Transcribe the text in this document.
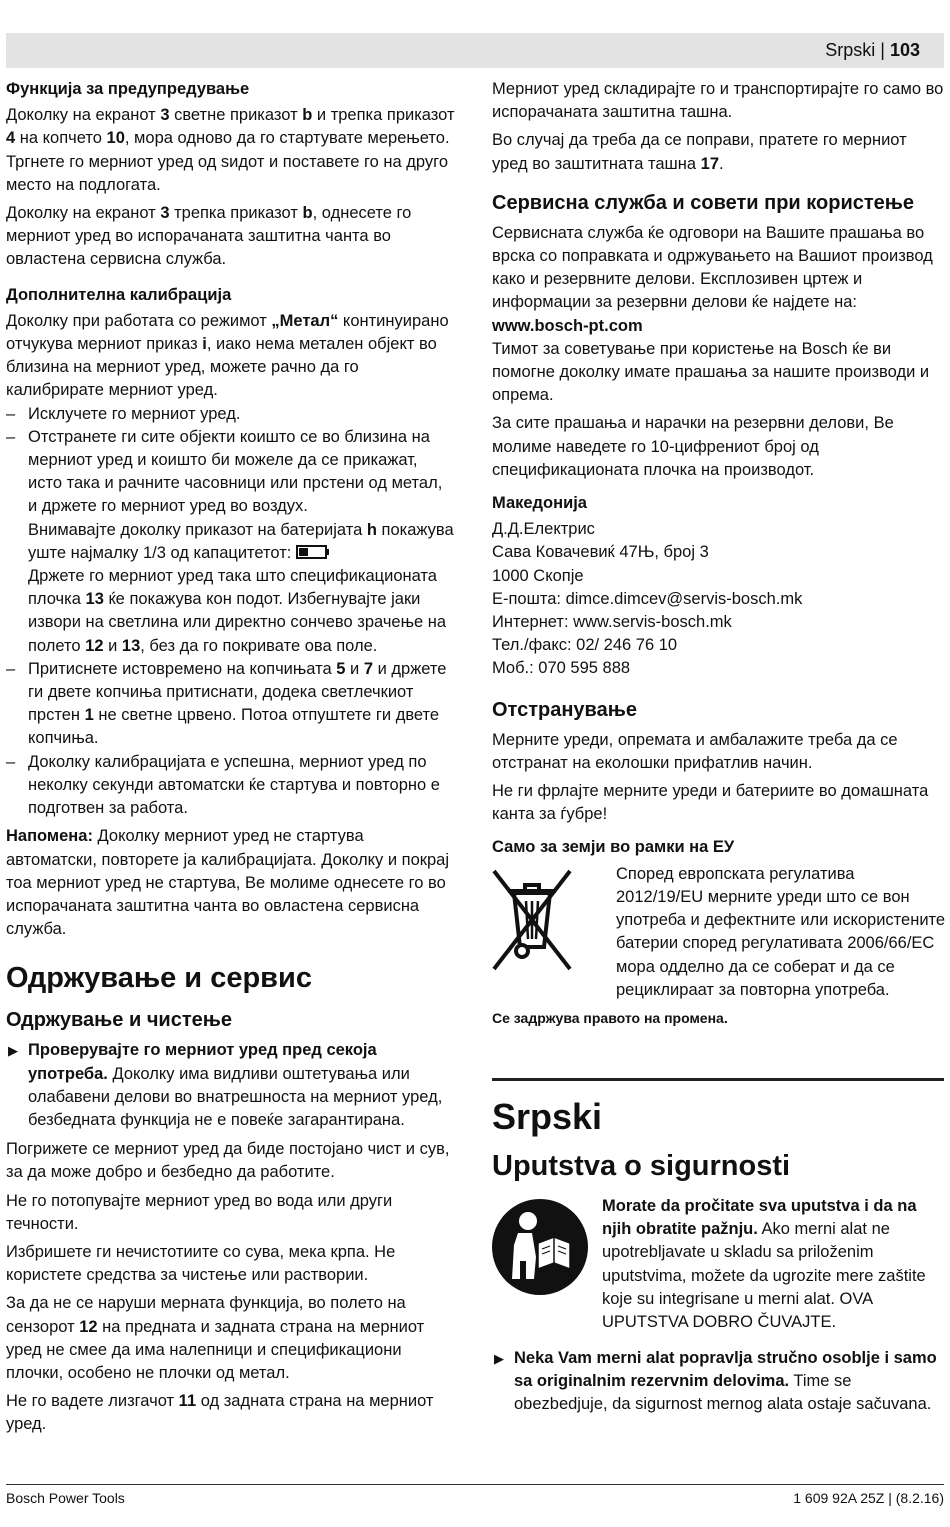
Srpski | 103
Функција за предупредување

Доколку на екранот 3 светне приказот b и трепка приказот 4 на копчето 10, мора одново да го стартувате мерењето. Тргнете го мерниот уред од ѕидот и поставете го на друго место на подлогата.

Доколку на екранот 3 трепка приказот b, однесете го мерниот уред во испорачаната заштитна чанта во овластена сервисна служба.

Дополнителна калибрација

Доколку при работата со режимот „Метал“ континуирано отчукува мерниот приказ i, иако нема метален објект во близина на мерниот уред, можете рачно да го калибрирате мерниот уред.

– Исклучете го мерниот уред.
– Отстранете ги сите објекти коишто се во близина на мерниот уред и коишто би можеле да се прикажат, исто така и рачните часовници или прстени од метал, и држете го мерниот уред во воздух.
Внимавајте доколку приказот на батеријата h покажува уште најмалку 1/3 од капацитетот:
Држете го мерниот уред така што спецификационата плочка 13 ќе покажува кон подот. Избегнувајте јаки извори на светлина или директно сончево зрачење на полето 12 и 13, без да го покривате ова поле.
– Притиснете истовремено на копчињата 5 и 7 и држете ги двете копчиња притиснати, додека светлечкиот прстен 1 не светне црвено. Потоа отпуштете ги двете копчиња.
– Доколку калибрацијата е успешна, мерниот уред по неколку секунди автоматски ќе стартува и повторно е подготвен за работа.

Напомена: Доколку мерниот уред не стартува автоматски, повторете ја калибрацијата. Доколку и покрај тоа мерниот уред не стартува, Ве молиме однесете го во испорачаната заштитна чанта во овластена сервисна служба.

Одржување и сервис
Одржување и чистење
▶ Проверувајте го мерниот уред пред секоја употреба. Доколку има видливи оштетувања или олабавени делови во внатрешноста на мерниот уред, безбедната функција не е повеќе загарантирана.

Погрижете се мерниот уред да биде постојано чист и сув, за да може добро и безбедно да работите.

Не го потопувајте мерниот уред во вода или други течности.

Избришете ги нечистотиите со сува, мека крпа. Не користете средства за чистење или раствории.

За да не се наруши мерната функција, во полето на сензорот 12 на предната и задната страна на мерниот уред не смее да има налепници и спецификациони плочки, особено не плочки од метал.

Не го вадете лизгачот 11 од задната страна на мерниот уред.

Мерниот уред складирајте го и транспортирајте го само во испорачаната заштитна ташна.

Во случај да треба да се поправи, пратете го мерниот уред во заштитната ташна 17.

Сервисна служба и совети при користење

Сервисната служба ќе одговори на Вашите прашања во врска со поправката и одржувањето на Вашиот производ како и резервните делови. Експлозивен цртеж и информации за резервни делови ќе најдете на:
www.bosch-pt.com
Тимот за советување при користење на Bosch ќе ви помогне доколку имате прашања за нашите производи и опрема.

За сите прашања и нарачки на резервни делови, Ве молиме наведете го 10-цифрениот број од спецификационата плочка на производот.

Македонија
Д.Д.Електрис
Сава Ковачевиќ 47Њ, број 3
1000 Скопје
Е-пошта: dimce.dimcev@servis-bosch.mk
Интернет: www.servis-bosch.mk
Тел./факс: 02/ 246 76 10
Моб.: 070 595 888
Отстранување

Мерните уреди, опремата и амбалажите треба да се отстранат на еколошки прифатлив начин.

Не ги фрлајте мерните уреди и батериите во домашната канта за ѓубре!

Само за земји во рамки на ЕУ
Според европската регулатива 2012/19/EU мерните уреди што се вон употреба и дефектните или искористените батерии според регулативата 2006/66/EC мора одделно да се соберат и да се рециклираат за повторна употреба.
Се задржува правото на промена.
Srpski
Uputstva o sigurnosti
Morate da pročitate sva uputstva i da na njih obratite pažnju. Ako merni alat ne upotrebljavate u skladu sa priloženim uputstvima, možete da ugrozite mere zaštite koje su integrisane u merni alat. OVA UPUTSTVA DOBRO ČUVAJTE.
▶ Neka Vam merni alat popravlja stručno osoblje i samo sa originalnim rezervnim delovima. Time se obezbedjuje, da sigurnost mernog alata ostaje sačuvana.
Bosch Power Tools	1 609 92A 25Z | (8.2.16)
